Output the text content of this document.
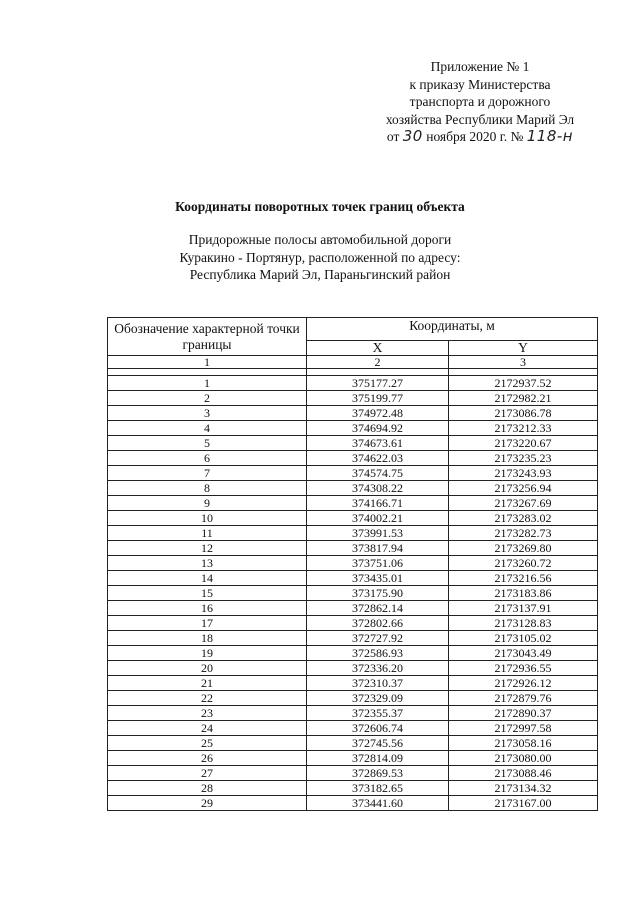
Приложение № 1
к приказу Министерства
транспорта и дорожного
хозяйства Республики Марий Эл
от 30 ноября 2020 г. № 118-н
Координаты поворотных точек границ объекта
Придорожные полосы автомобильной дороги
Куракино - Портянур, расположенной по адресу:
Республика Марий Эл, Параньгинский район
Обозначение характерной точки границы	Координаты, м	
	X	Y
1	2	3

1	375177.27	2172937.52
2	375199.77	2172982.21
3	374972.48	2173086.78
4	374694.92	2173212.33
5	374673.61	2173220.67
6	374622.03	2173235.23
7	374574.75	2173243.93
8	374308.22	2173256.94
9	374166.71	2173267.69
10	374002.21	2173283.02
11	373991.53	2173282.73
12	373817.94	2173269.80
13	373751.06	2173260.72
14	373435.01	2173216.56
15	373175.90	2173183.86
16	372862.14	2173137.91
17	372802.66	2173128.83
18	372727.92	2173105.02
19	372586.93	2173043.49
20	372336.20	2172936.55
21	372310.37	2172926.12
22	372329.09	2172879.76
23	372355.37	2172890.37
24	372606.74	2172997.58
25	372745.56	2173058.16
26	372814.09	2173080.00
27	372869.53	2173088.46
28	373182.65	2173134.32
29	373441.60	2173167.00
